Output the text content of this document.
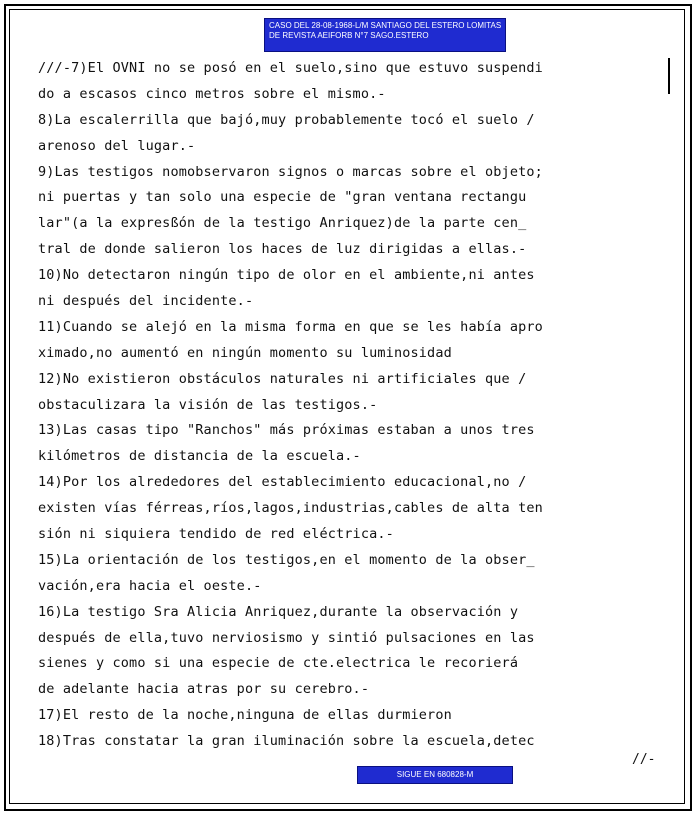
CASO DEL 28-08-1968-L/M SANTIAGO DEL ESTERO LOMITAS
DE REVISTA AEIFORB N°7 SAGO.ESTERO
///-7)El OVNI no se posó en el suelo,sino que estuvo suspendi
do a escasos cinco metros sobre el mismo.-
8)La escalerrilla que bajó,muy probablemente tocó el suelo /
arenoso del lugar.-
9)Las testigos nomobservaron signos o marcas sobre el objeto;
ni puertas y tan solo una especie de "gran ventana rectangu
lar"(a la expresßón de la testigo Anriquez)de la parte cen_
tral de donde salieron los haces de luz dirigidas a ellas.-
10)No detectaron ningún tipo de olor en el ambiente,ni antes
ni después del incidente.-
11)Cuando se alejó en la misma forma en que se les había apro
ximado,no aumentó en ningún momento su luminosidad
12)No existieron obstáculos naturales ni artificiales que /
obstaculizara la visión de las testigos.-
13)Las casas tipo "Ranchos" más próximas estaban a unos tres
kilómetros de distancia de la escuela.-
14)Por los alrededores del establecimiento educacional,no /
existen vías férreas,ríos,lagos,industrias,cables de alta ten
sión ni siquiera tendido de red eléctrica.-
15)La orientación de los testigos,en el momento de la obser_
vación,era hacia el oeste.-
16)La testigo Sra Alicia Anriquez,durante la observación y
después de ella,tuvo nerviosismo y sintió pulsaciones en las
sienes y como si una especie de cte.electrica le recorierá
de adelante hacia atras por su cerebro.-
17)El resto de la noche,ninguna de ellas durmieron
18)Tras constatar la gran iluminación sobre la escuela,detec
//-
SIGUE EN 680828-M
